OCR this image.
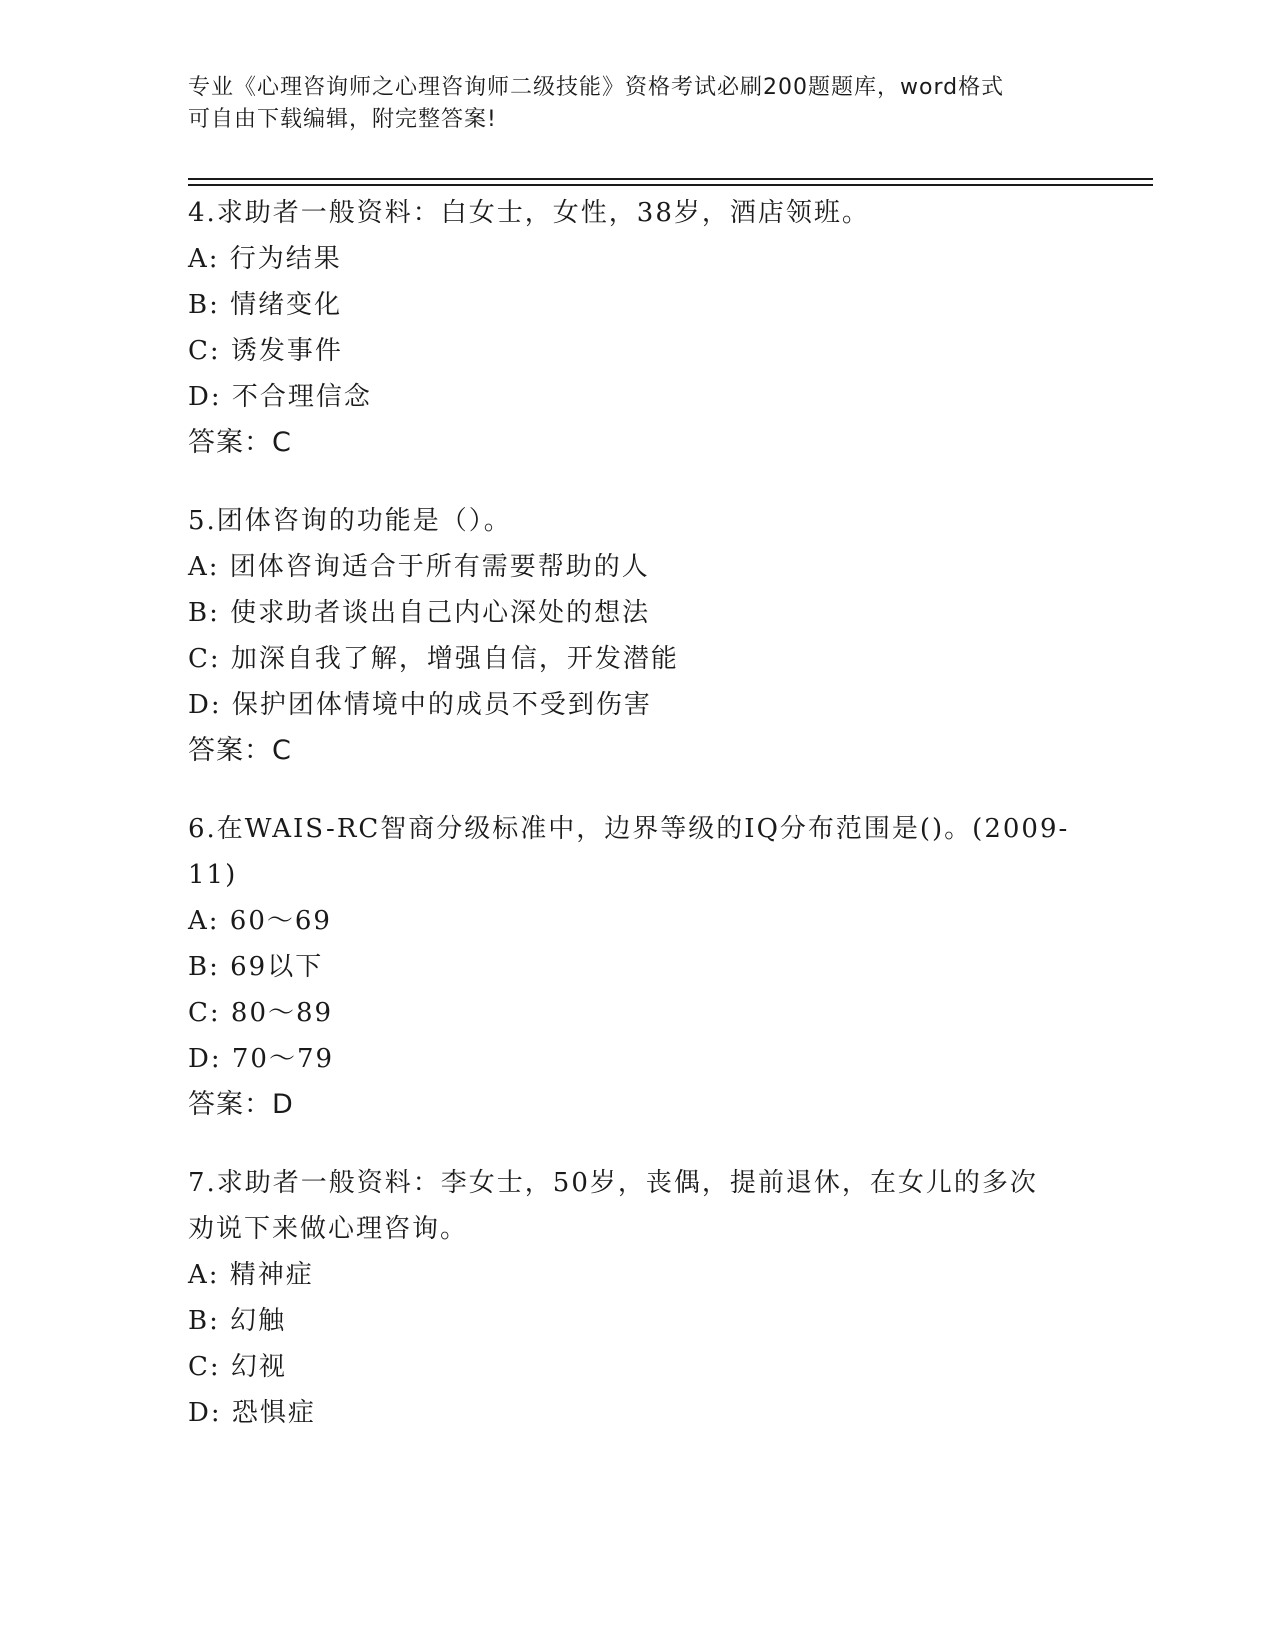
专业《心理咨询师之心理咨询师二级技能》资格考试必刷200题题库，word格式
可自由下载编辑，附完整答案!
4.求助者一般资料：白女士，女性，38岁，酒店领班。
A: 行为结果
B: 情绪变化
C: 诱发事件
D: 不合理信念
答案：C
5.团体咨询的功能是（）。
A: 团体咨询适合于所有需要帮助的人
B: 使求助者谈出自己内心深处的想法
C: 加深自我了解，增强自信，开发潜能
D: 保护团体情境中的成员不受到伤害
答案：C
6.在WAIS-RC智商分级标准中，边界等级的IQ分布范围是()。(2009-
11)
A: 60～69
B: 69以下
C: 80～89
D: 70～79
答案：D
7.求助者一般资料：李女士，50岁，丧偶，提前退休，在女儿的多次
劝说下来做心理咨询。
A: 精神症
B: 幻触
C: 幻视
D: 恐惧症
